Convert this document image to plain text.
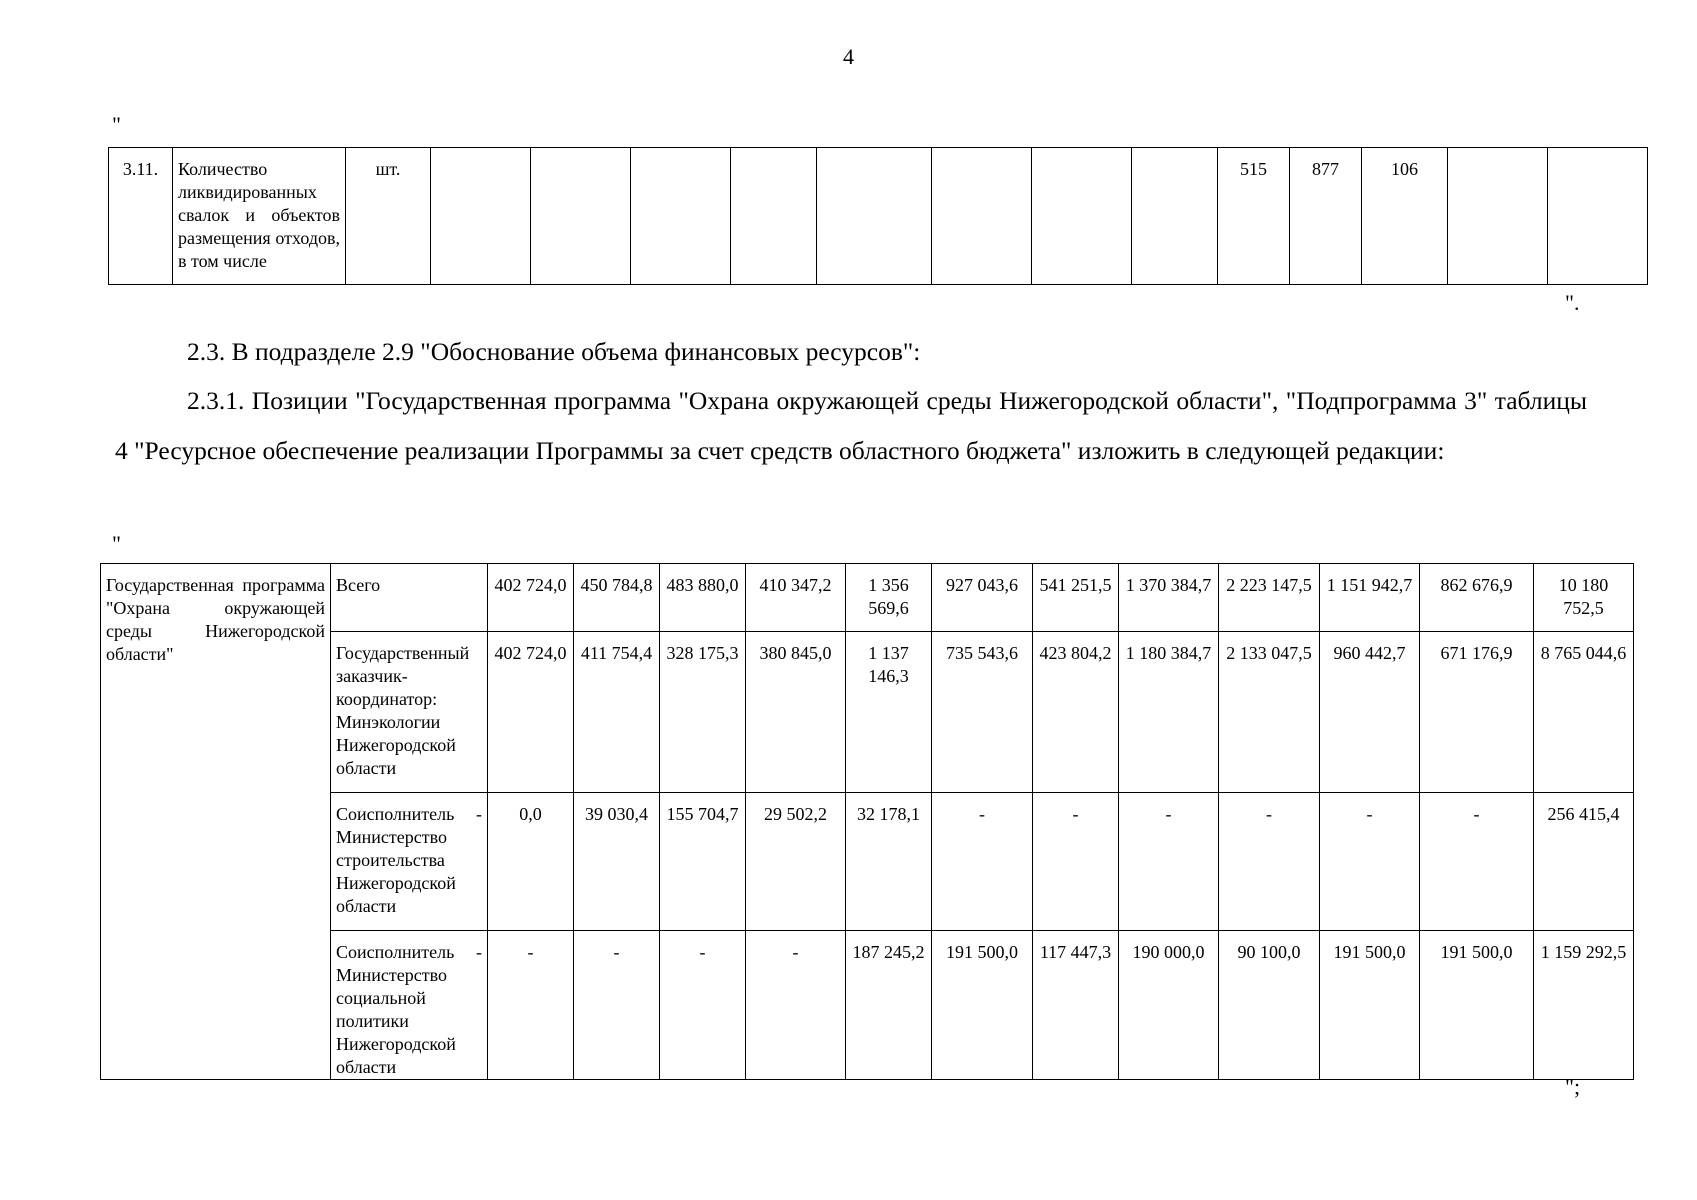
4
"
3.11.	Количество ликвидированных свалок и объектов размещения отходов, в том числе	шт.									515	877	106		
".
2.3. В подразделе 2.9 "Обоснование объема финансовых ресурсов":
2.3.1. Позиции "Государственная программа "Охрана окружающей среды Нижегородской области", "Подпрограмма 3" таблицы 4 "Ресурсное обеспечение реализации Программы за счет средств областного бюджета" изложить в следующей редакции:
"
Государственная программа "Охрана окружающей среды Нижегородской области"	Всего	402 724,0	450 784,8	483 880,0	410 347,2	1 356 569,6	927 043,6	541 251,5	1 370 384,7	2 223 147,5	1 151 942,7	862 676,9	10 180 752,5
	Государственный заказчик-координатор: Минэкологии Нижегородской области	402 724,0	411 754,4	328 175,3	380 845,0	1 137 146,3	735 543,6	423 804,2	1 180 384,7	2 133 047,5	960 442,7	671 176,9	8 765 044,6
	Соисполнитель - Министерство строительства Нижегородской области	0,0	39 030,4	155 704,7	29 502,2	32 178,1	-	-	-	-	-	-	256 415,4
	Соисполнитель - Министерство социальной политики Нижегородской области	-	-	-	-	187 245,2	191 500,0	117 447,3	190 000,0	90 100,0	191 500,0	191 500,0	1 159 292,5
";
